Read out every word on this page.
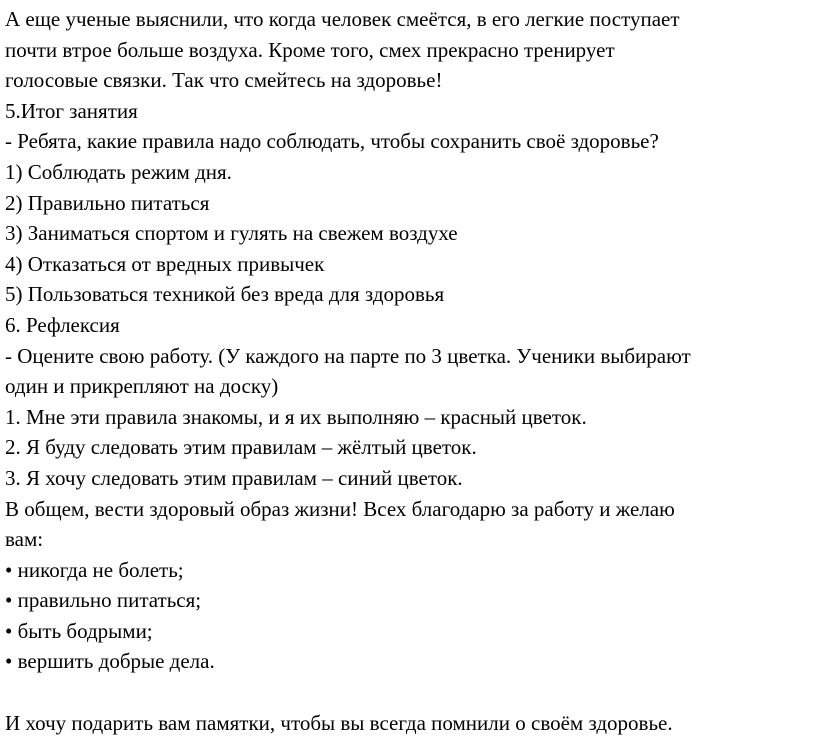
А еще ученые выяснили, что когда человек смеётся, в его легкие поступает
почти втрое больше воздуха. Кроме того, смех прекрасно тренирует
голосовые связки. Так что смейтесь на здоровье!
5.Итог занятия
- Ребята, какие правила надо соблюдать, чтобы сохранить своё здоровье?
1) Соблюдать режим дня.
2) Правильно питаться
3) Заниматься спортом и гулять на свежем воздухе
4) Отказаться от вредных привычек
5) Пользоваться техникой без вреда для здоровья
6. Рефлексия
- Оцените свою работу. (У каждого на парте по 3 цветка. Ученики выбирают
один и прикрепляют на доску)
1. Мне эти правила знакомы, и я их выполняю – красный цветок.
2. Я буду следовать этим правилам – жёлтый цветок.
3. Я хочу следовать этим правилам – синий цветок.
В общем, вести здоровый образ жизни! Всех благодарю за работу и желаю
вам:
• никогда не болеть;
• правильно питаться;
• быть бодрыми;
• вершить добрые дела.
И хочу подарить вам памятки, чтобы вы всегда помнили о своём здоровье.
